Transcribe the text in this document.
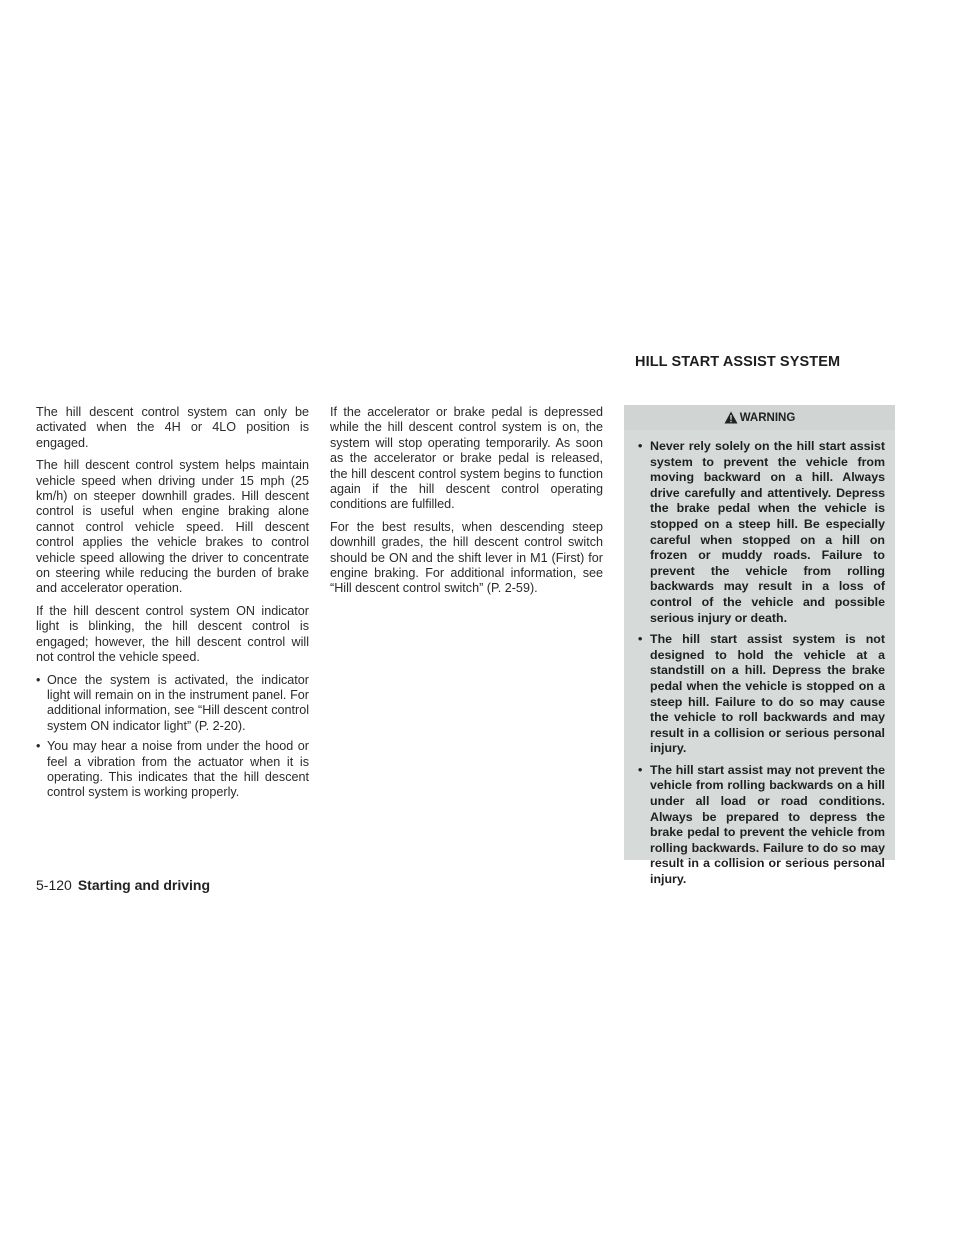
HILL START ASSIST SYSTEM

The hill descent control system can only be activated when the 4H or 4LO position is engaged.

The hill descent control system helps maintain vehicle speed when driving under 15 mph (25 km/h) on steeper downhill grades. Hill descent control is useful when engine braking alone cannot control vehicle speed. Hill descent control applies the vehicle brakes to control vehicle speed allowing the driver to concentrate on steering while reducing the burden of brake and accelerator operation.

If the hill descent control system ON indicator light is blinking, the hill descent control is engaged; however, the hill descent control will not control the vehicle speed.

• Once the system is activated, the indicator light will remain on in the instrument panel. For additional information, see “Hill descent control system ON indicator light” (P. 2-20).
• You may hear a noise from under the hood or feel a vibration from the actuator when it is operating. This indicates that the hill descent control system is working properly.

If the accelerator or brake pedal is depressed while the hill descent control system is on, the system will stop operating temporarily. As soon as the accelerator or brake pedal is released, the hill descent control system begins to function again if the hill descent control operating conditions are fulfilled.

For the best results, when descending steep downhill grades, the hill descent control switch should be ON and the shift lever in M1 (First) for engine braking. For additional information, see “Hill descent control switch” (P. 2-59).

WARNING
• Never rely solely on the hill start assist system to prevent the vehicle from moving backward on a hill. Always drive carefully and attentively. Depress the brake pedal when the vehicle is stopped on a steep hill. Be especially careful when stopped on a hill on frozen or muddy roads. Failure to prevent the vehicle from rolling backwards may result in a loss of control of the vehicle and possible serious injury or death.
• The hill start assist system is not designed to hold the vehicle at a standstill on a hill. Depress the brake pedal when the vehicle is stopped on a steep hill. Failure to do so may cause the vehicle to roll backwards and may result in a collision or serious personal injury.
• The hill start assist may not prevent the vehicle from rolling backwards on a hill under all load or road conditions. Always be prepared to depress the brake pedal to prevent the vehicle from rolling backwards. Failure to do so may result in a collision or serious personal injury.
5-120 Starting and driving
